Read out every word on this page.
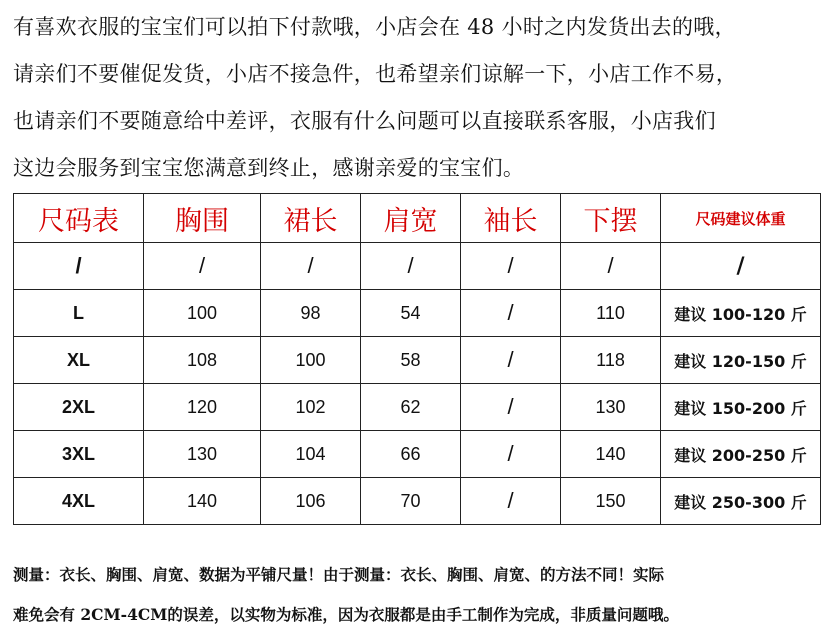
有喜欢衣服的宝宝们可以拍下付款哦，小店会在 48 小时之内发货出去的哦，

请亲们不要催促发货，小店不接急件，也希望亲们谅解一下，小店工作不易，

也请亲们不要随意给中差评，衣服有什么问题可以直接联系客服，小店我们

这边会服务到宝宝您满意到终止，感谢亲爱的宝宝们。

尺码表	胸围	裙长	肩宽	袖长	下摆	尺码建议体重
/	/	/	/	/	/	/
L	100	98	54	/	110	建议 100-120 斤
XL	108	100	58	/	118	建议 120-150 斤
2XL	120	102	62	/	130	建议 150-200 斤
3XL	130	104	66	/	140	建议 200-250 斤
4XL	140	106	70	/	150	建议 250-300 斤

测量：衣长、胸围、肩宽、数据为平铺尺量！由于测量：衣长、胸围、肩宽、的方法不同！实际

难免会有 2CM-4CM的误差，以实物为标准，因为衣服都是由手工制作为完成，非质量问题哦。
